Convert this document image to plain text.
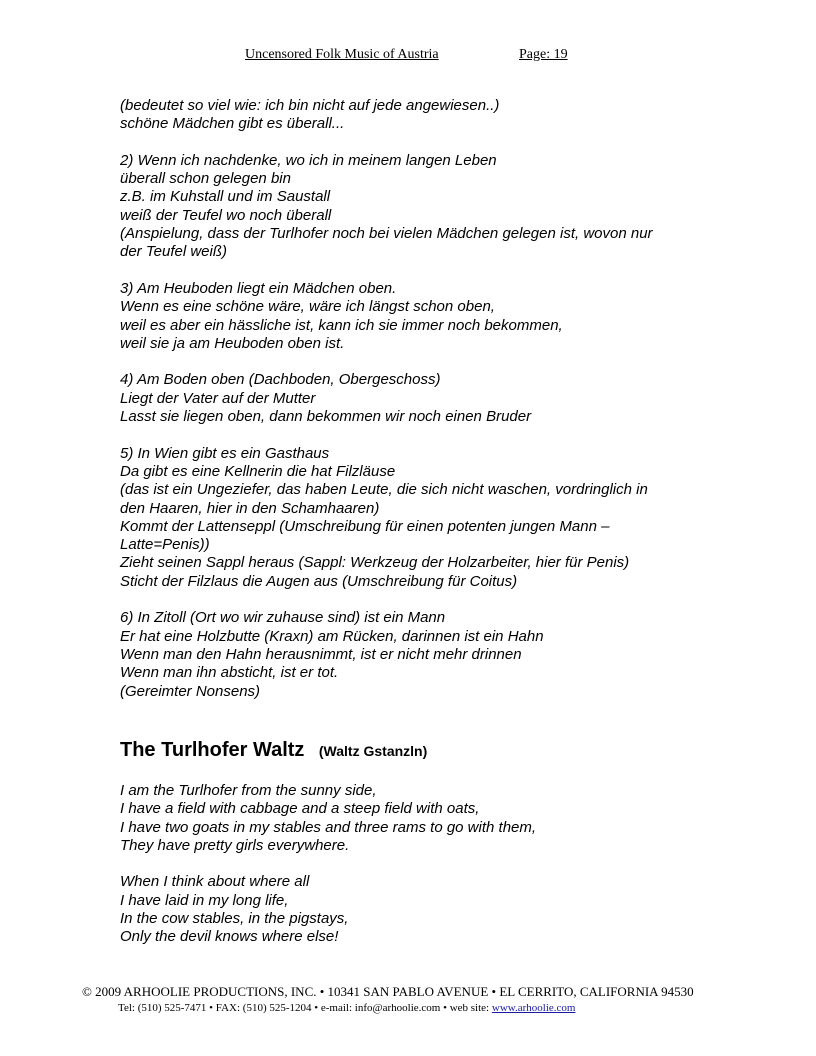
Uncensored Folk Music of Austria	Page: 19
(bedeutet so viel wie: ich bin nicht auf jede angewiesen..)
schöne Mädchen gibt es überall...
2) Wenn ich nachdenke, wo ich in meinem langen Leben
überall schon gelegen bin
z.B. im Kuhstall und im Saustall
weiß der Teufel wo noch überall
(Anspielung, dass der Turlhofer noch bei vielen Mädchen gelegen ist, wovon nur
der Teufel weiß)
3) Am Heuboden liegt ein Mädchen oben.
Wenn es eine schöne wäre, wäre ich längst schon oben,
weil es aber ein hässliche ist, kann ich sie immer noch bekommen,
weil sie ja am Heuboden oben ist.
4) Am Boden oben (Dachboden, Obergeschoss)
Liegt der Vater auf der Mutter
Lasst sie liegen oben, dann bekommen wir noch einen Bruder
5) In Wien gibt es ein Gasthaus
Da gibt es eine Kellnerin die hat Filzläuse
(das ist ein Ungeziefer, das haben Leute, die sich nicht waschen, vordringlich in
den Haaren, hier in den Schamhaaren)
Kommt der Lattenseppl (Umschreibung für einen potenten jungen Mann –
Latte=Penis))
Zieht seinen Sappl heraus (Sappl: Werkzeug der Holzarbeiter, hier für Penis)
Sticht der Filzlaus die Augen aus (Umschreibung für Coitus)
6) In Zitoll (Ort wo wir zuhause sind) ist ein Mann
Er hat eine Holzbutte (Kraxn) am Rücken, darinnen ist ein Hahn
Wenn man den Hahn herausnimmt, ist er nicht mehr drinnen
Wenn man ihn absticht, ist er tot.
(Gereimter Nonsens)
The Turlhofer Waltz (Waltz Gstanzln)
I am the Turlhofer from the sunny side,
I have a field with cabbage and a steep field with oats,
I have two goats in my stables and three rams to go with them,
They have pretty girls everywhere.
When I think about where all
I have laid in my long life,
In the cow stables, in the pigstays,
Only the devil knows where else!
© 2009 ARHOOLIE PRODUCTIONS, INC. • 10341 SAN PABLO AVENUE • EL CERRITO, CALIFORNIA 94530
Tel: (510) 525-7471 • FAX: (510) 525-1204 • e-mail: info@arhoolie.com • web site: www.arhoolie.com
